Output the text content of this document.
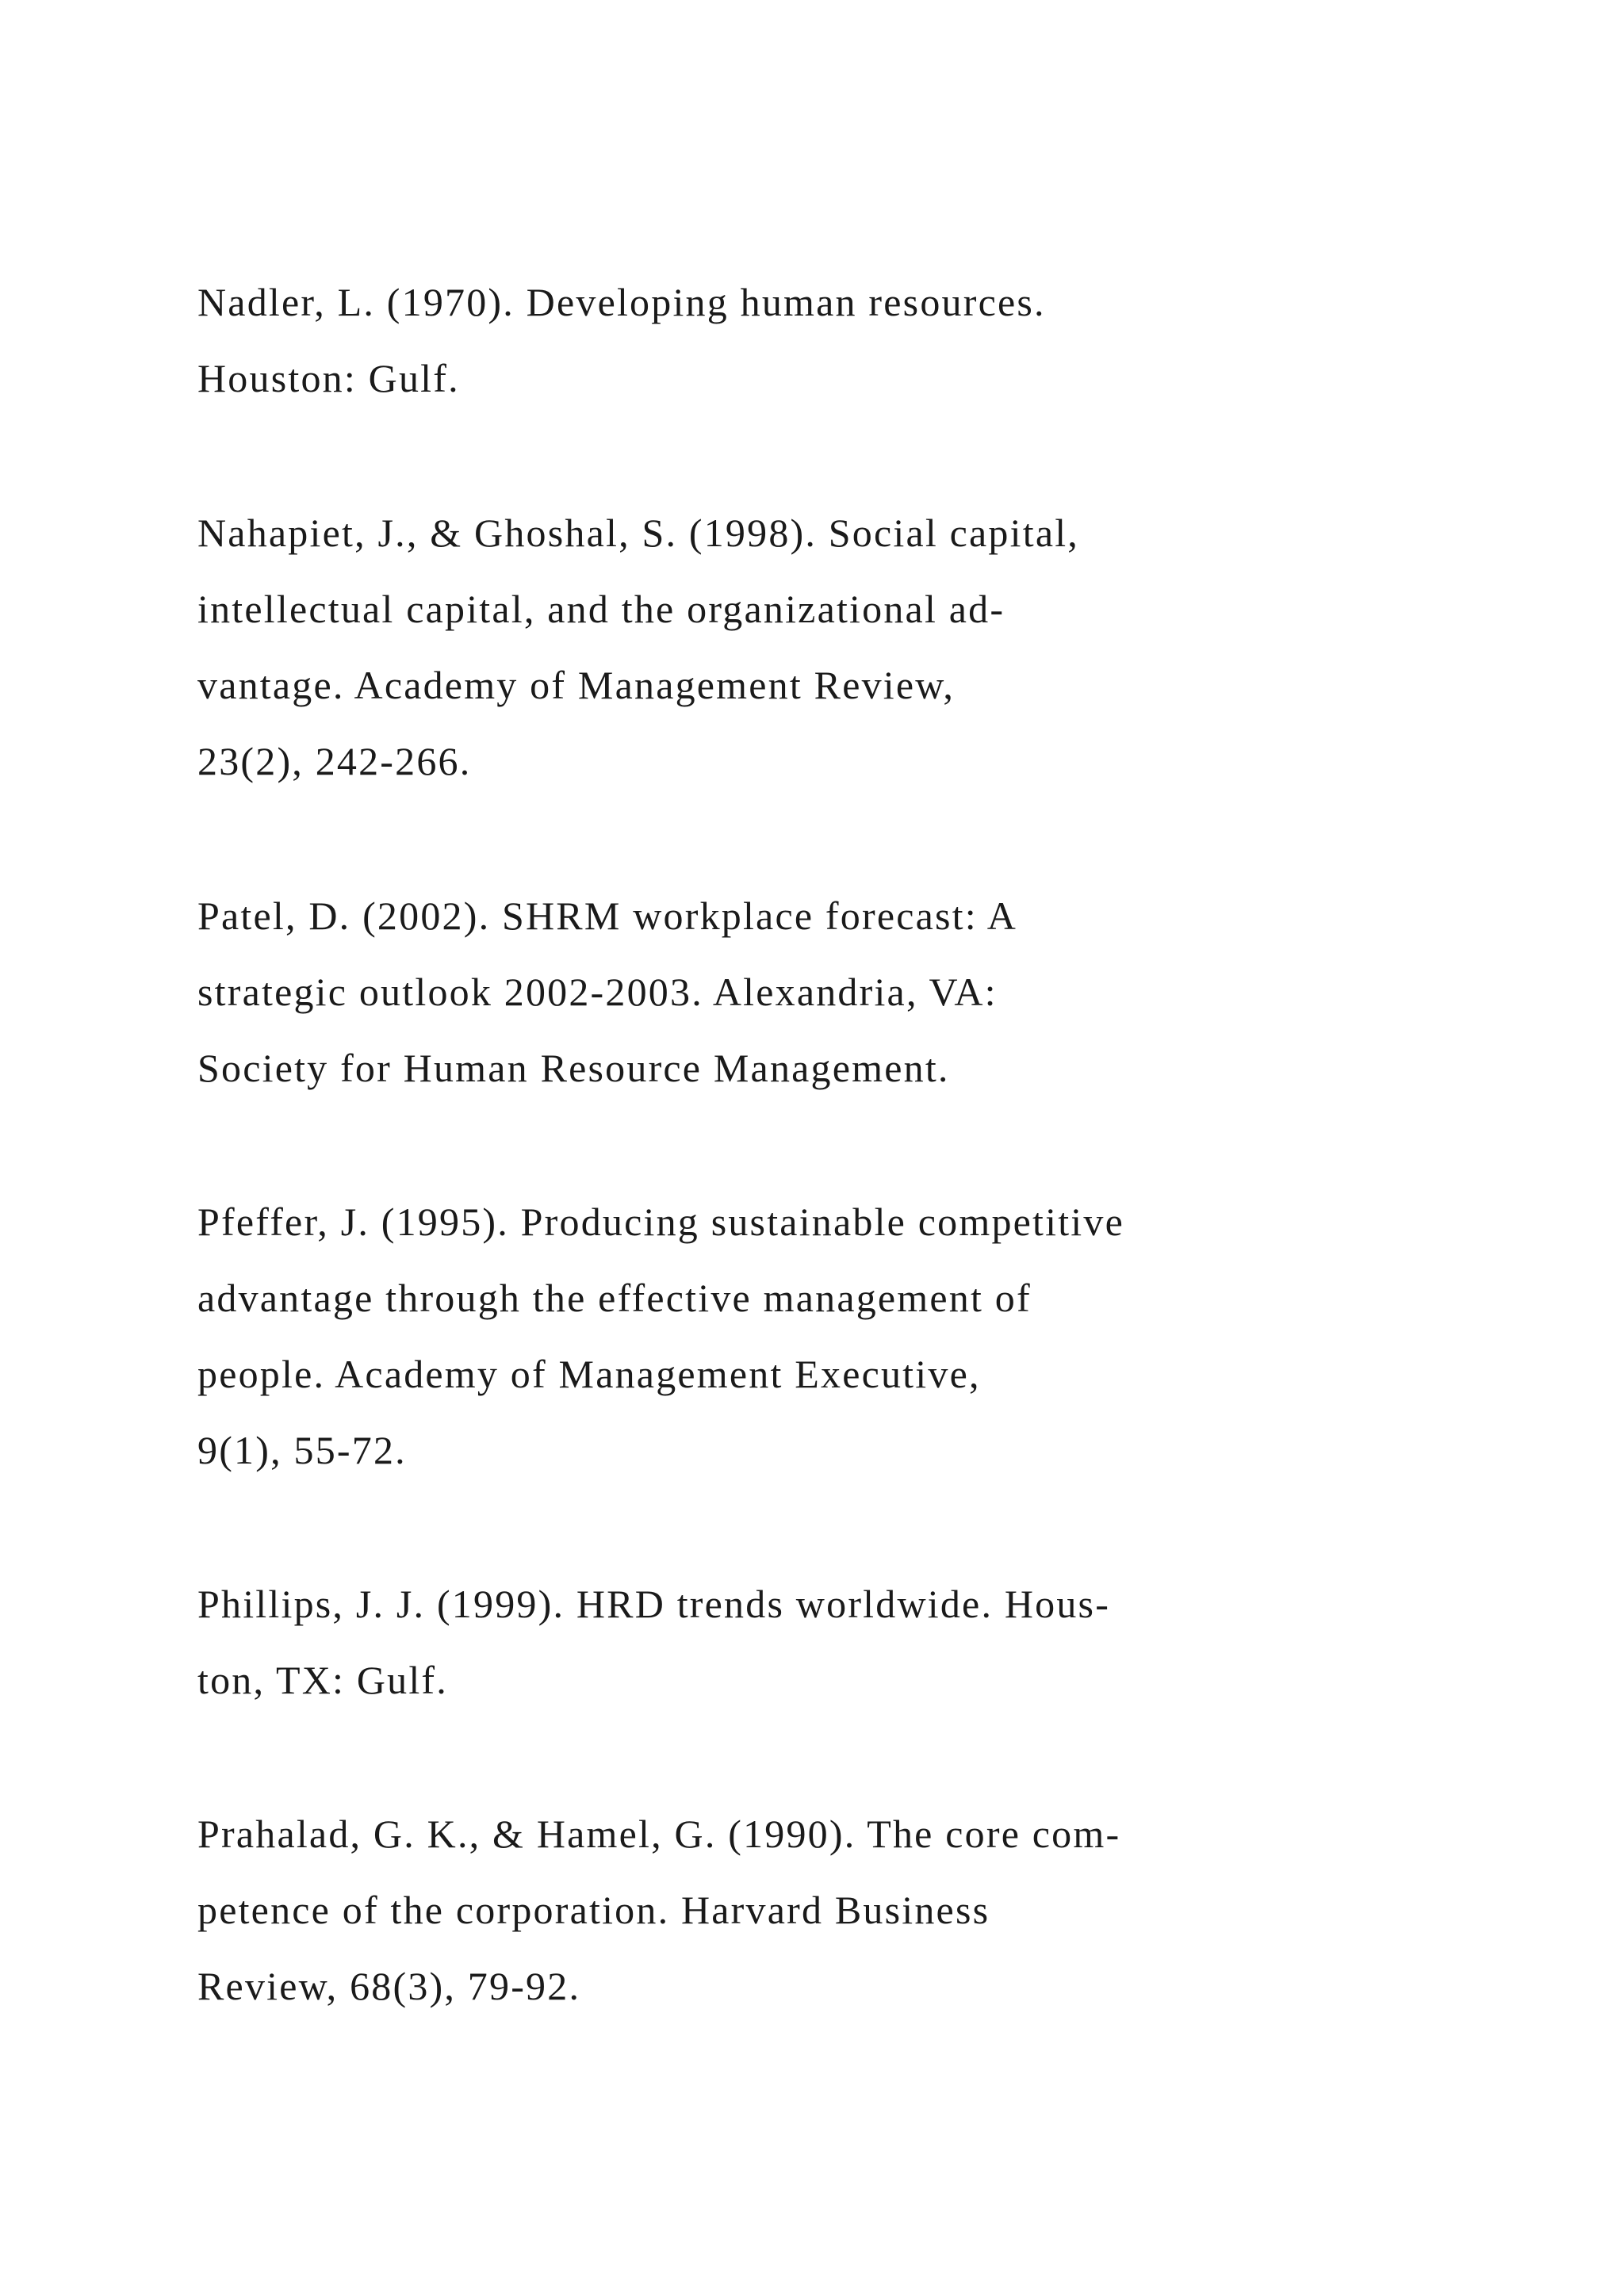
Nadler, L. (1970). Developing human resources.
Houston: Gulf.
Nahapiet, J., & Ghoshal, S. (1998). Social capital,
intellectual capital, and the organizational ad-
vantage. Academy of Management Review,
23(2), 242-266.
Patel, D. (2002). SHRM workplace forecast: A
strategic outlook 2002-2003. Alexandria, VA:
Society for Human Resource Management.
Pfeffer, J. (1995). Producing sustainable competitive
advantage through the effective management of
people. Academy of Management Executive,
9(1), 55-72.
Phillips, J. J. (1999). HRD trends worldwide. Hous-
ton, TX: Gulf.
Prahalad, G. K., & Hamel, G. (1990). The core com-
petence of the corporation. Harvard Business
Review, 68(3), 79-92.
